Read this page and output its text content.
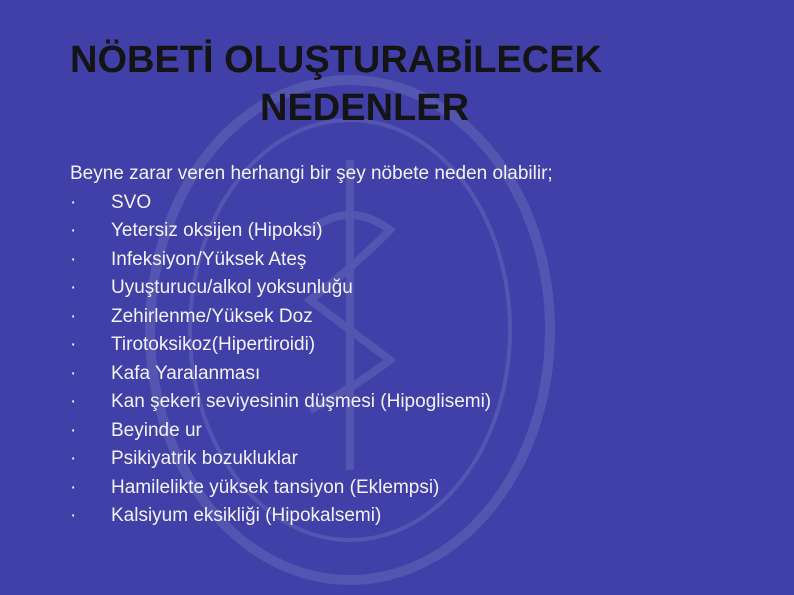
NÖBETİ OLUŞTURABİLECEK
NEDENLER
Beyne zarar veren herhangi bir şey nöbete neden olabilir;
·	SVO
·	Yetersiz oksijen (Hipoksi)
·	Infeksiyon/Yüksek Ateş
·	Uyuşturucu/alkol yoksunluğu
·	Zehirlenme/Yüksek Doz
·	Tirotoksikoz(Hipertiroidi)
·	Kafa Yaralanması
·	Kan şekeri seviyesinin düşmesi (Hipoglisemi)
·	Beyinde ur
·	Psikiyatrik bozukluklar
·	Hamilelikte yüksek tansiyon (Eklempsi)
·	Kalsiyum eksikliği (Hipokalsemi)
